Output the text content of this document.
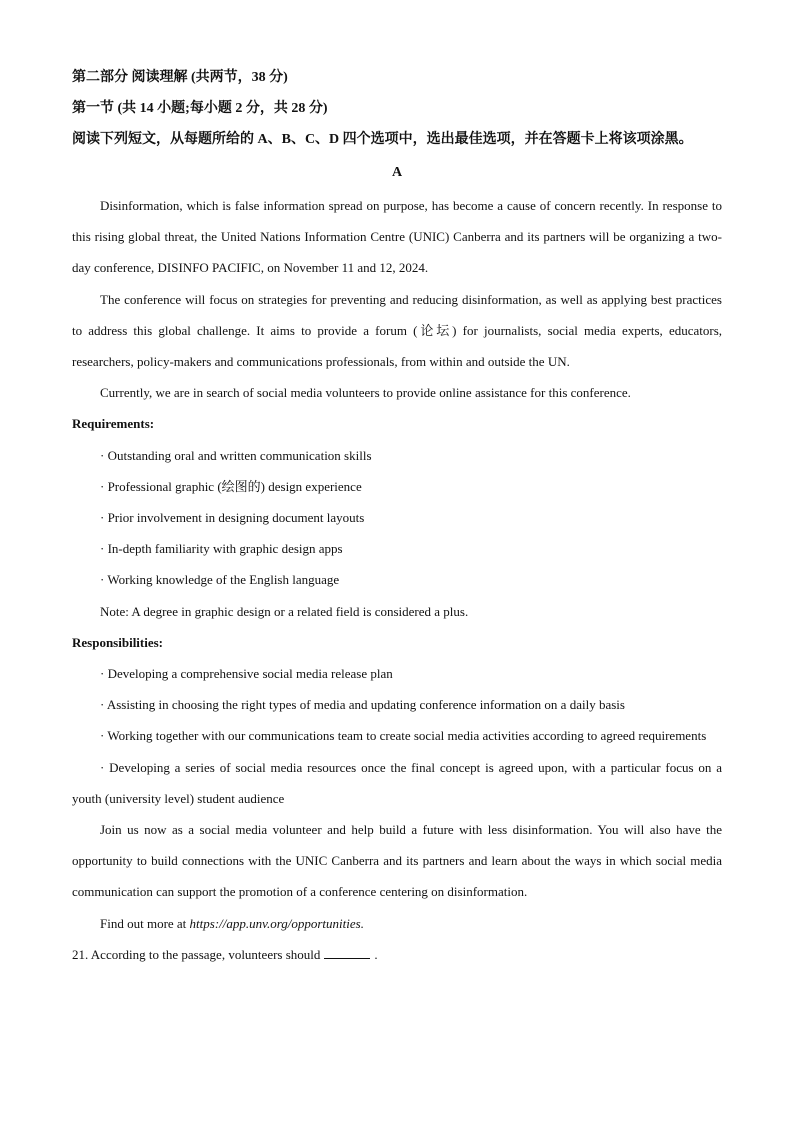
第二部分 阅读理解 (共两节，38 分)
第一节 (共 14 小题;每小题 2 分，共 28 分)
阅读下列短文，从每题所给的 A、B、C、D 四个选项中，选出最佳选项，并在答题卡上将该项涂黑。
A

Disinformation, which is false information spread on purpose, has become a cause of concern recently. In response to this rising global threat, the United Nations Information Centre (UNIC) Canberra and its partners will be organizing a two-day conference, DISINFO PACIFIC, on November 11 and 12, 2024.

The conference will focus on strategies for preventing and reducing disinformation, as well as applying best practices to address this global challenge. It aims to provide a forum (论坛) for journalists, social media experts, educators, researchers, policy-makers and communications professionals, from within and outside the UN.

Currently, we are in search of social media volunteers to provide online assistance for this conference.

Requirements:

· Outstanding oral and written communication skills

· Professional graphic (绘图的) design experience

· Prior involvement in designing document layouts

· In-depth familiarity with graphic design apps

· Working knowledge of the English language

Note: A degree in graphic design or a related field is considered a plus.

Responsibilities:

· Developing a comprehensive social media release plan

· Assisting in choosing the right types of media and updating conference information on a daily basis

· Working together with our communications team to create social media activities according to agreed requirements

· Developing a series of social media resources once the final concept is agreed upon, with a particular focus on a youth (university level) student audience

Join us now as a social media volunteer and help build a future with less disinformation. You will also have the opportunity to build connections with the UNIC Canberra and its partners and learn about the ways in which social media communication can support the promotion of a conference centering on disinformation.

Find out more at https://app.unv.org/opportunities.

21. According to the passage, volunteers should	.
